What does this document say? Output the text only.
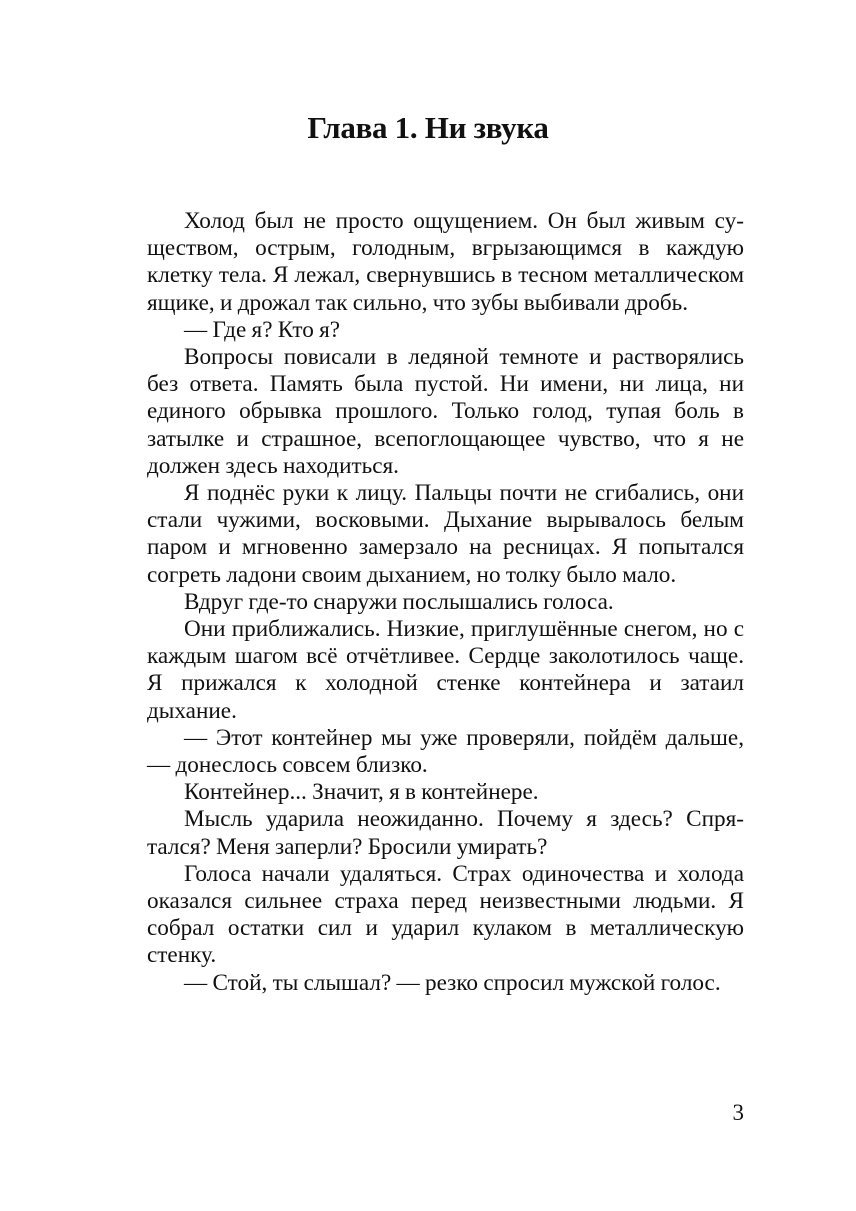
Глава 1. Ни звука

Холод был не просто ощущением. Он был живым существом, острым, голодным, вгрызающимся в каждую клетку тела. Я лежал, свернувшись в тесном металлическом ящике, и дрожал так сильно, что зубы выбивали дробь.

— Где я? Кто я?

Вопросы повисали в ледяной темноте и растворялись без ответа. Память была пустой. Ни имени, ни лица, ни единого обрывка прошлого. Только голод, тупая боль в затылке и страшное, всепоглощающее чувство, что я не должен здесь находиться.

Я поднёс руки к лицу. Пальцы почти не сгибались, они стали чужими, восковыми. Дыхание вырывалось белым паром и мгновенно замерзало на ресницах. Я попытался согреть ладони своим дыханием, но толку было мало.

Вдруг где-то снаружи послышались голоса.

Они приближались. Низкие, приглушённые снегом, но с каждым шагом всё отчётливее. Сердце заколотилось чаще. Я прижался к холодной стенке контейнера и затаил дыхание.

— Этот контейнер мы уже проверяли, пойдём дальше, — донеслось совсем близко.

Контейнер... Значит, я в контейнере.

Мысль ударила неожиданно. Почему я здесь? Спрятался? Меня заперли? Бросили умирать?

Голоса начали удаляться. Страх одиночества и холода оказался сильнее страха перед неизвестными людьми. Я собрал остатки сил и ударил кулаком в металлическую стенку.

— Стой, ты слышал? — резко спросил мужской голос.

3
